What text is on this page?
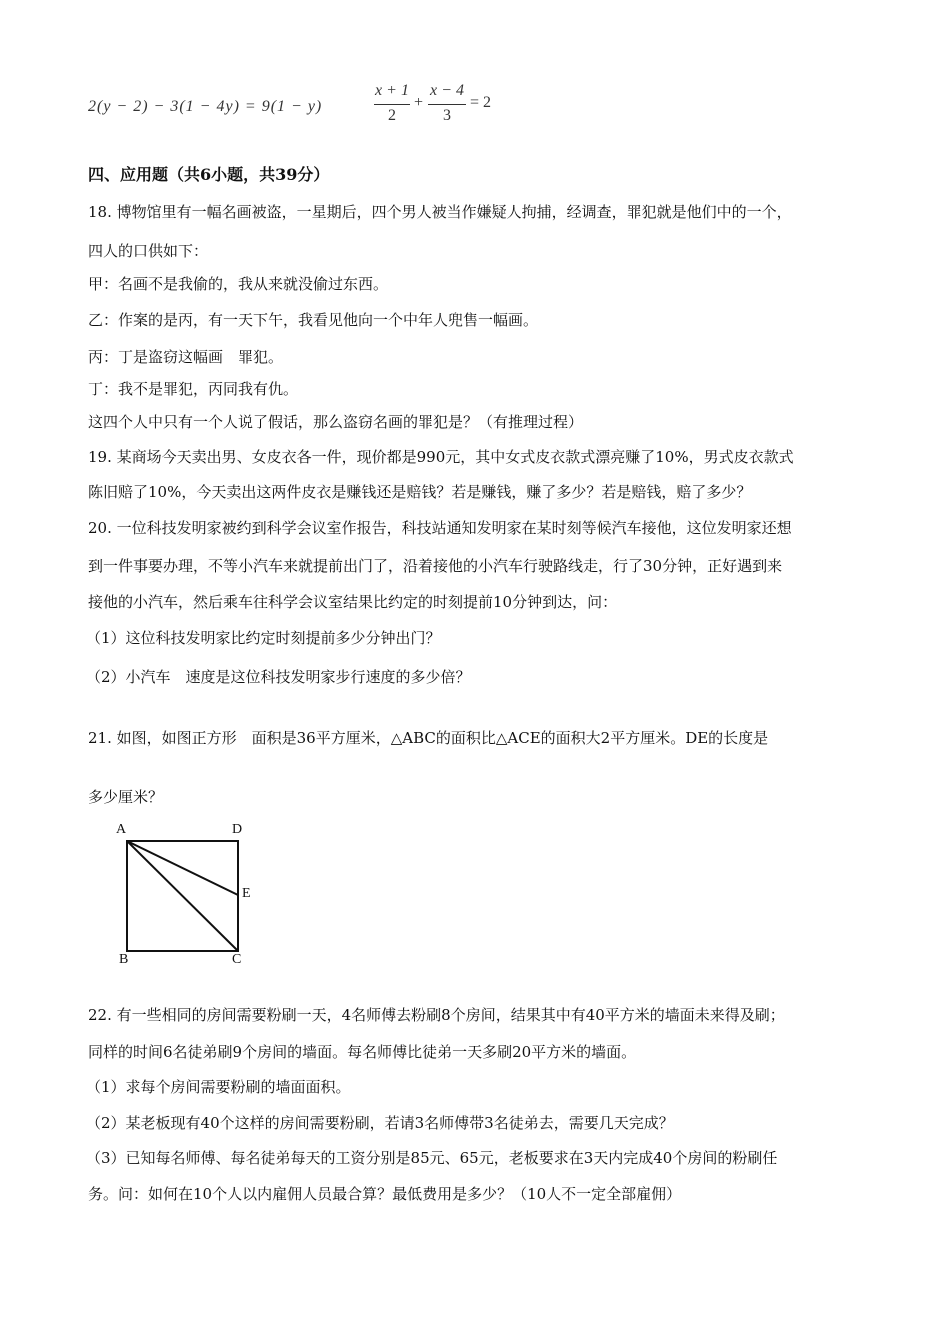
2(y − 2) − 3(1 − 4y) = 9(1 − y)
x + 1
2
+
x − 4
3
= 2
四、应用题（共6小题，共39分）
18. 博物馆里有一幅名画被盗，一星期后，四个男人被当作嫌疑人拘捕，经调查，罪犯就是他们中的一个，
四人的口供如下：
甲：名画不是我偷的，我从来就没偷过东西。
乙：作案的是丙，有一天下午，我看见他向一个中年人兜售一幅画。
丙：丁是盗窃这幅画　罪犯。
丁：我不是罪犯，丙同我有仇。
这四个人中只有一个人说了假话，那么盗窃名画的罪犯是？（有推理过程）
19. 某商场今天卖出男、女皮衣各一件，现价都是990元，其中女式皮衣款式漂亮赚了10%，男式皮衣款式
陈旧赔了10%，今天卖出这两件皮衣是赚钱还是赔钱？若是赚钱，赚了多少？若是赔钱，赔了多少？
20. 一位科技发明家被约到科学会议室作报告，科技站通知发明家在某时刻等候汽车接他，这位发明家还想
到一件事要办理，不等小汽车来就提前出门了，沿着接他的小汽车行驶路线走，行了30分钟，正好遇到来
接他的小汽车，然后乘车往科学会议室结果比约定的时刻提前10分钟到达，问：
（1）这位科技发明家比约定时刻提前多少分钟出门？
（2）小汽车　速度是这位科技发明家步行速度的多少倍？
21. 如图，如图正方形　面积是36平方厘米，△ABC的面积比△ACE的面积大2平方厘米。DE的长度是
多少厘米？
A	D
E
B	C
22. 有一些相同的房间需要粉刷一天，4名师傅去粉刷8个房间，结果其中有40平方米的墙面未来得及刷；
同样的时间6名徒弟刷9个房间的墙面。每名师傅比徒弟一天多刷20平方米的墙面。
（1）求每个房间需要粉刷的墙面面积。
（2）某老板现有40个这样的房间需要粉刷，若请3名师傅带3名徒弟去，需要几天完成？
（3）已知每名师傅、每名徒弟每天的工资分别是85元、65元，老板要求在3天内完成40个房间的粉刷任
务。问：如何在10个人以内雇佣人员最合算？最低费用是多少？（10人不一定全部雇佣）
